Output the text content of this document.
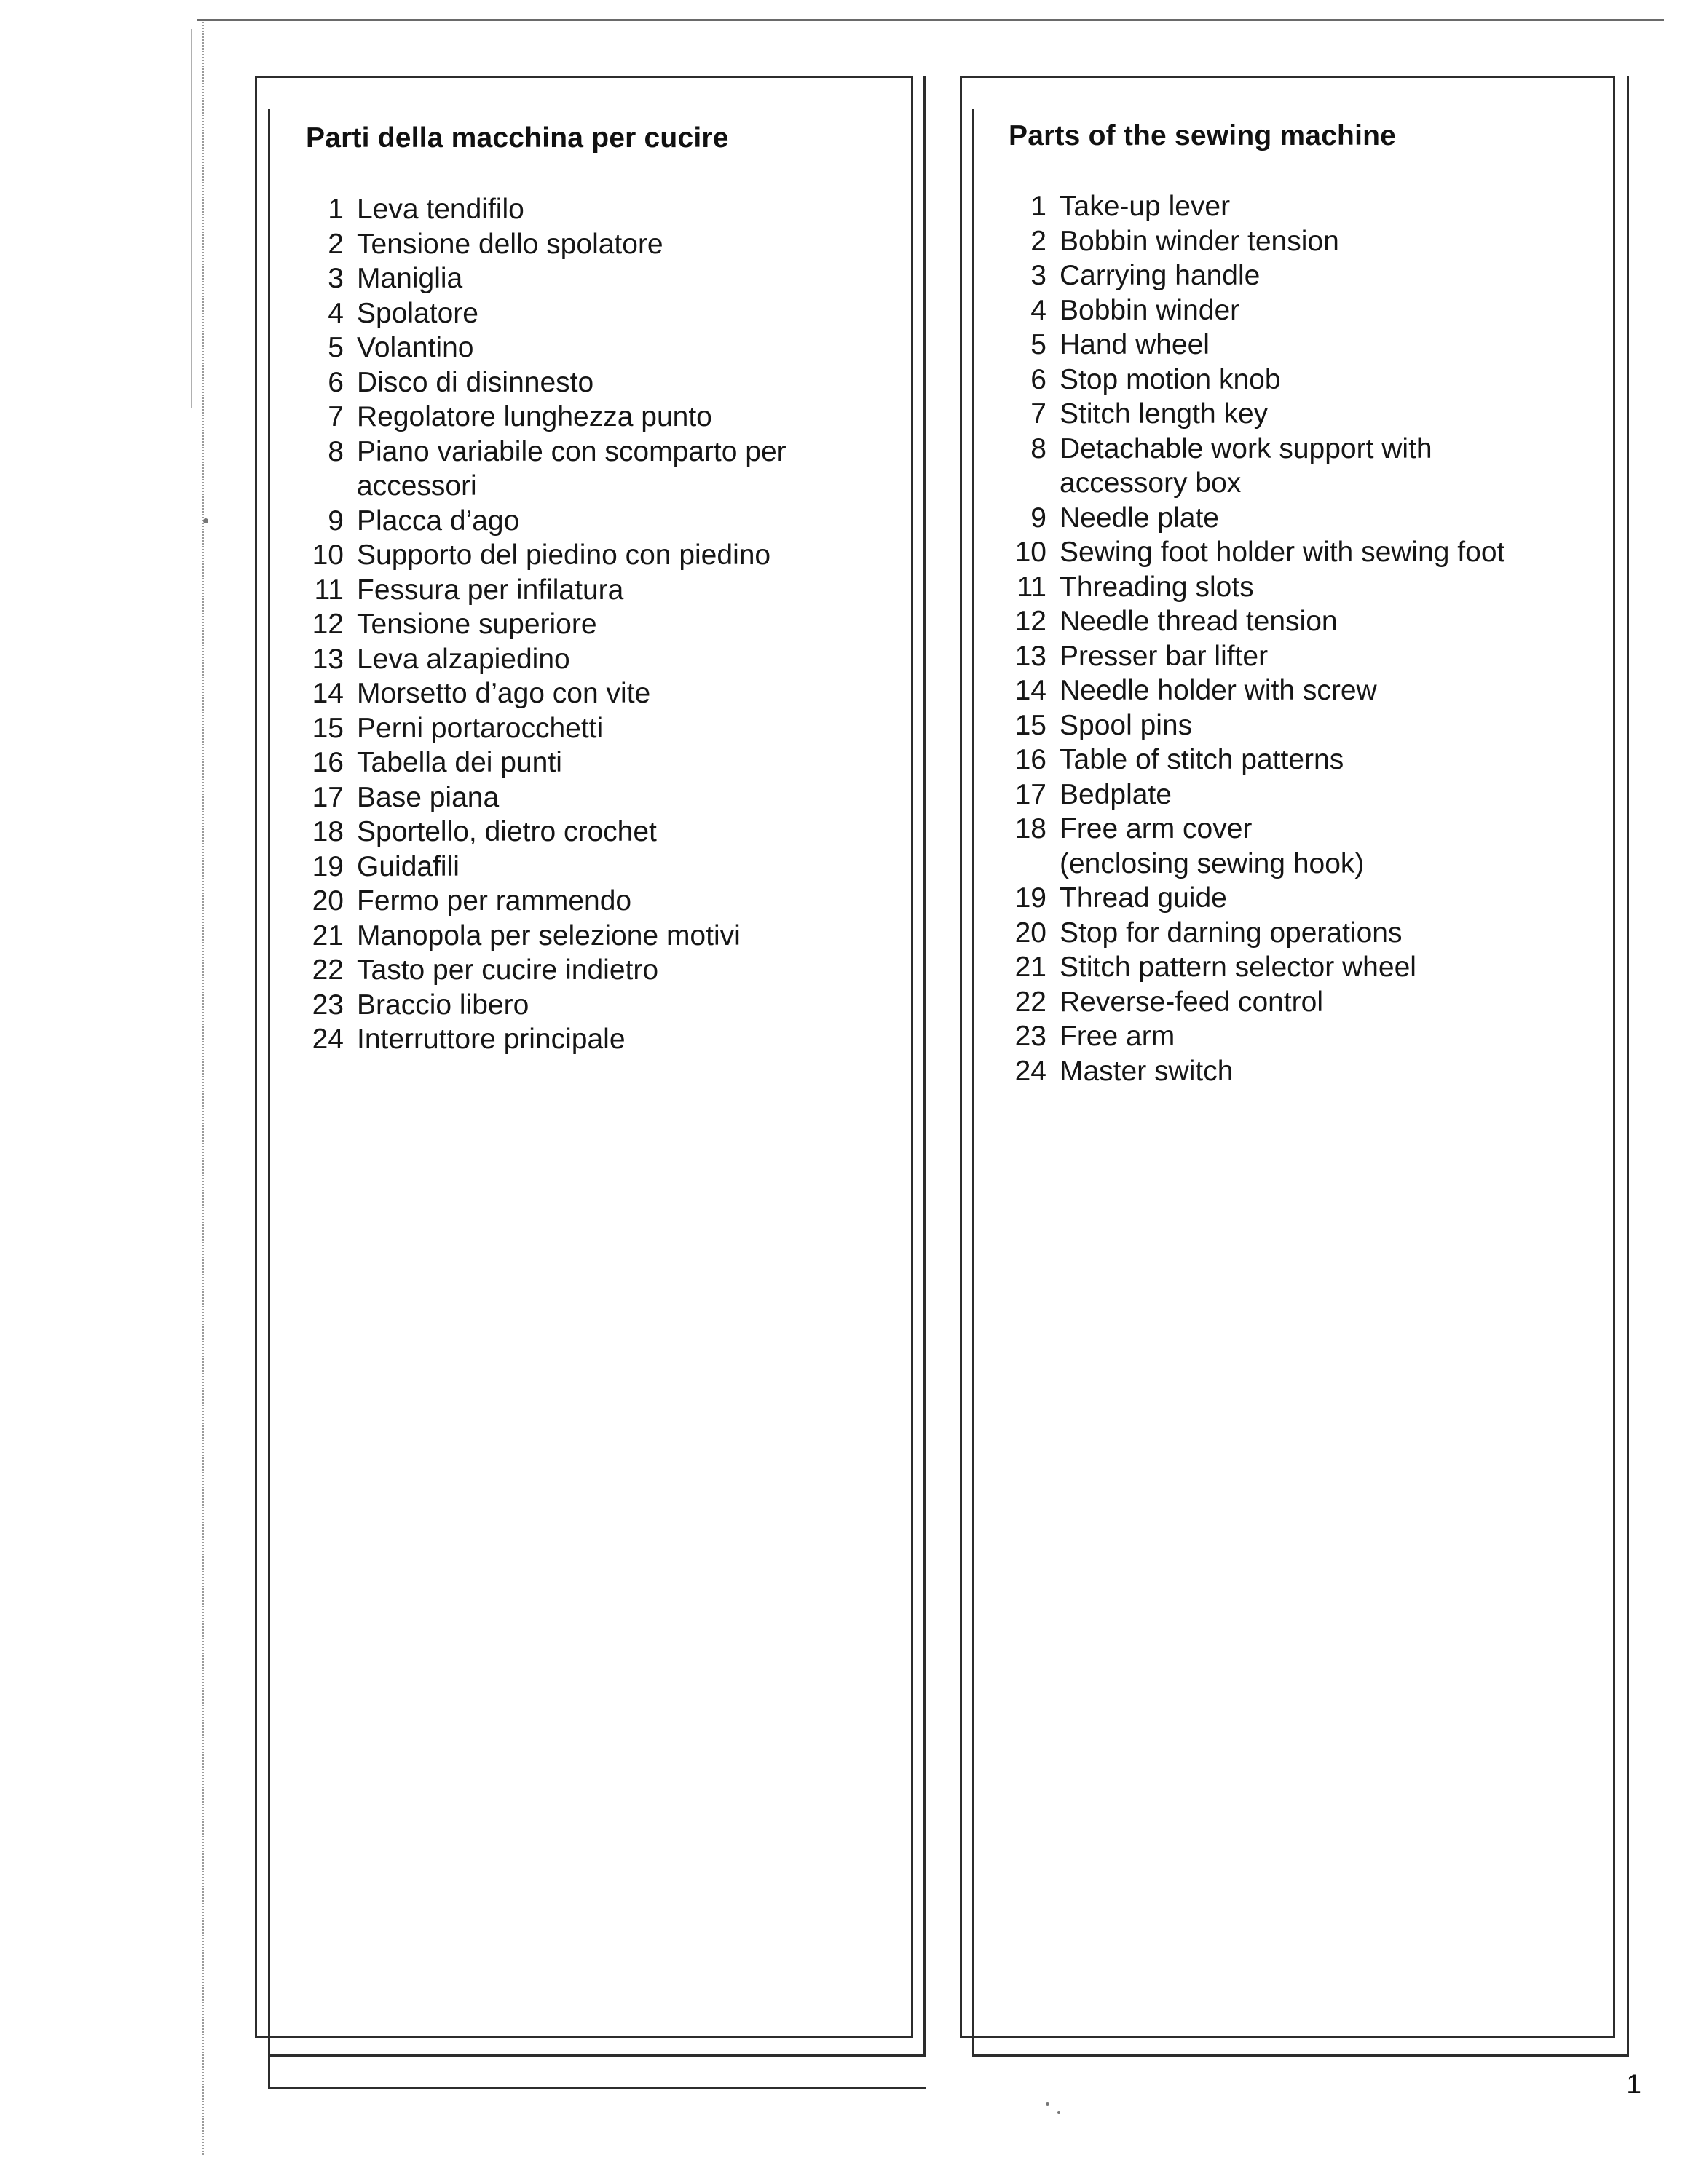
Parti della macchina per cucire
1 Leva tendifilo
2 Tensione dello spolatore
3 Maniglia
4 Spolatore
5 Volantino
6 Disco di disinnesto
7 Regolatore lunghezza punto
8 Piano variabile con scomparto per
accessori
9 Placca d’ago
10 Supporto del piedino con piedino
11 Fessura per infilatura
12 Tensione superiore
13 Leva alzapiedino
14 Morsetto d’ago con vite
15 Perni portarocchetti
16 Tabella dei punti
17 Base piana
18 Sportello, dietro crochet
19 Guidafili
20 Fermo per rammendo
21 Manopola per selezione motivi
22 Tasto per cucire indietro
23 Braccio libero
24 Interruttore principale
Parts of the sewing machine
1 Take-up lever
2 Bobbin winder tension
3 Carrying handle
4 Bobbin winder
5 Hand wheel
6 Stop motion knob
7 Stitch length key
8 Detachable work support with
accessory box
9 Needle plate
10 Sewing foot holder with sewing foot
11 Threading slots
12 Needle thread tension
13 Presser bar lifter
14 Needle holder with screw
15 Spool pins
16 Table of stitch patterns
17 Bedplate
18 Free arm cover
(enclosing sewing hook)
19 Thread guide
20 Stop for darning operations
21 Stitch pattern selector wheel
22 Reverse-feed control
23 Free arm
24 Master switch
1
